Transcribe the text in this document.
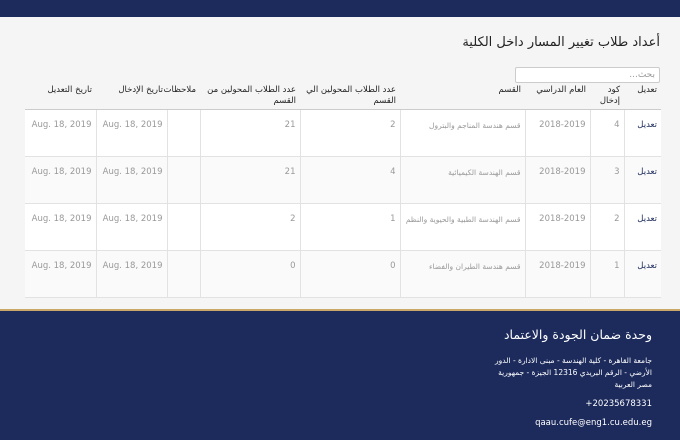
أعداد طلاب تغيير المسار داخل الكلية
بحث...
تعديل	كود إدخال	العام الدراسي	القسم	عدد الطلاب المحولين الي القسم	عدد الطلاب المحولين من القسم	ملاحظات	تاريخ الإدخال	تاريخ التعديل
تعديل	4	2018-2019	قسم هندسة المناجم والبترول	2	21		Aug. 18, 2019	Aug. 18, 2019
تعديل	3	2018-2019	قسم الهندسة الكيميائية	4	21		Aug. 18, 2019	Aug. 18, 2019
تعديل	2	2018-2019	قسم الهندسة الطبية والحيوية والنظم	1	2		Aug. 18, 2019	Aug. 18, 2019
تعديل	1	2018-2019	قسم هندسة الطيران والفضاء	0	0		Aug. 18, 2019	Aug. 18, 2019
وحدة ضمان الجودة والاعتماد
جامعة القاهرة - كلية الهندسة - مبنى الادارة - الدور الأرضي - الرقم البريدي 12316 الجيزة - جمهورية مصر العربية
+20235678331
qaau.cufe@eng1.cu.edu.eg
